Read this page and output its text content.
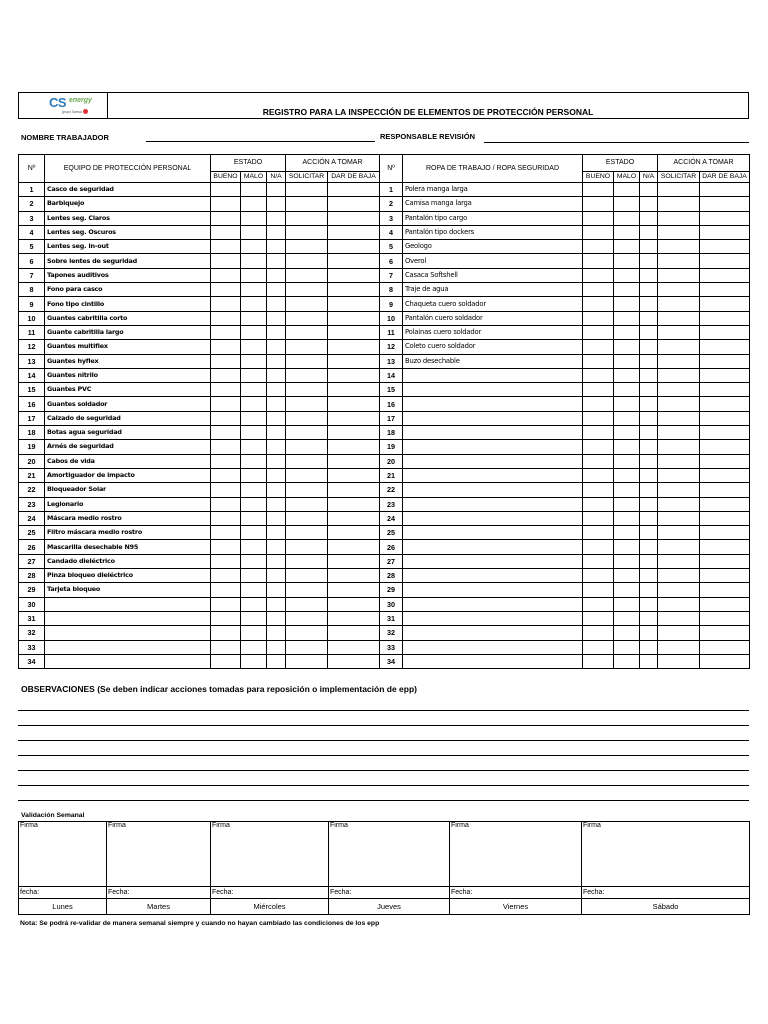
CS energy
grupo Saesa	REGISTRO PARA LA INSPECCIÓN DE ELEMENTOS DE PROTECCIÓN PERSONAL
NOMBRE TRABAJADOR	RESPONSABLE REVISIÓN
Nº	EQUIPO DE PROTECCIÓN PERSONAL	ESTADO			ACCIÓN A TOMAR	
		BUENO	MALO	N/A	SOLICITAR	DAR DE BAJA
1	Casco de seguridad					
2	Barbiquejo					
3	Lentes seg. Claros					
4	Lentes seg. Oscuros					
5	Lentes seg. In-out					
6	Sobre lentes de seguridad					
7	Tapones auditivos					
8	Fono para casco					
9	Fono tipo cintillo					
10	Guantes cabritilla corto					
11	Guante cabritilla largo					
12	Guantes multiflex					
13	Guantes hyflex					
14	Guantes nitrilo					
15	Guantes PVC					
16	Guantes soldador					
17	Calzado de seguridad					
18	Botas agua seguridad					
19	Arnés de seguridad					
20	Cabos de vida					
21	Amortiguador de impacto					
22	Bloqueador Solar					
23	Legionario					
24	Máscara medio rostro					
25	Filtro máscara medio rostro					
26	Mascarilla desechable N95					
27	Candado dieléctrico					
28	Pinza bloqueo dieléctrico					
29	Tarjeta bloqueo					
30						
31						
32						
33						
34						
Nº	ROPA DE TRABAJO / ROPA SEGURIDAD	ESTADO			ACCIÓN A TOMAR	
		BUENO	MALO	N/A	SOLICITAR	DAR DE BAJA
1	Polera manga larga					
2	Camisa manga larga					
3	Pantalón tipo cargo					
4	Pantalón tipo dockers					
5	Geologo					
6	Overol					
7	Casaca Softshell					
8	Traje de agua					
9	Chaqueta cuero soldador					
10	Pantalón cuero soldador					
11	Polainas cuero soldador					
12	Coleto cuero soldador					
13	Buzo desechable					
14						
15						
16						
17						
18						
19						
20						
21						
22						
23						
24						
25						
26						
27						
28						
29						
30						
31						
32						
33						
34						
OBSERVACIONES (Se deben indicar acciones tomadas para reposición o implementación de epp)
Validación Semanal
Firma	Firma	Firma	Firma	Firma	Firma
fecha:	Fecha:	Fecha:	Fecha:	Fecha:	Fecha:
Lunes	Martes	Miércoles	Jueves	Viernes	Sábado
Nota: Se podrá re-validar de manera semanal siempre y cuando no hayan cambiado las condiciones de los epp
